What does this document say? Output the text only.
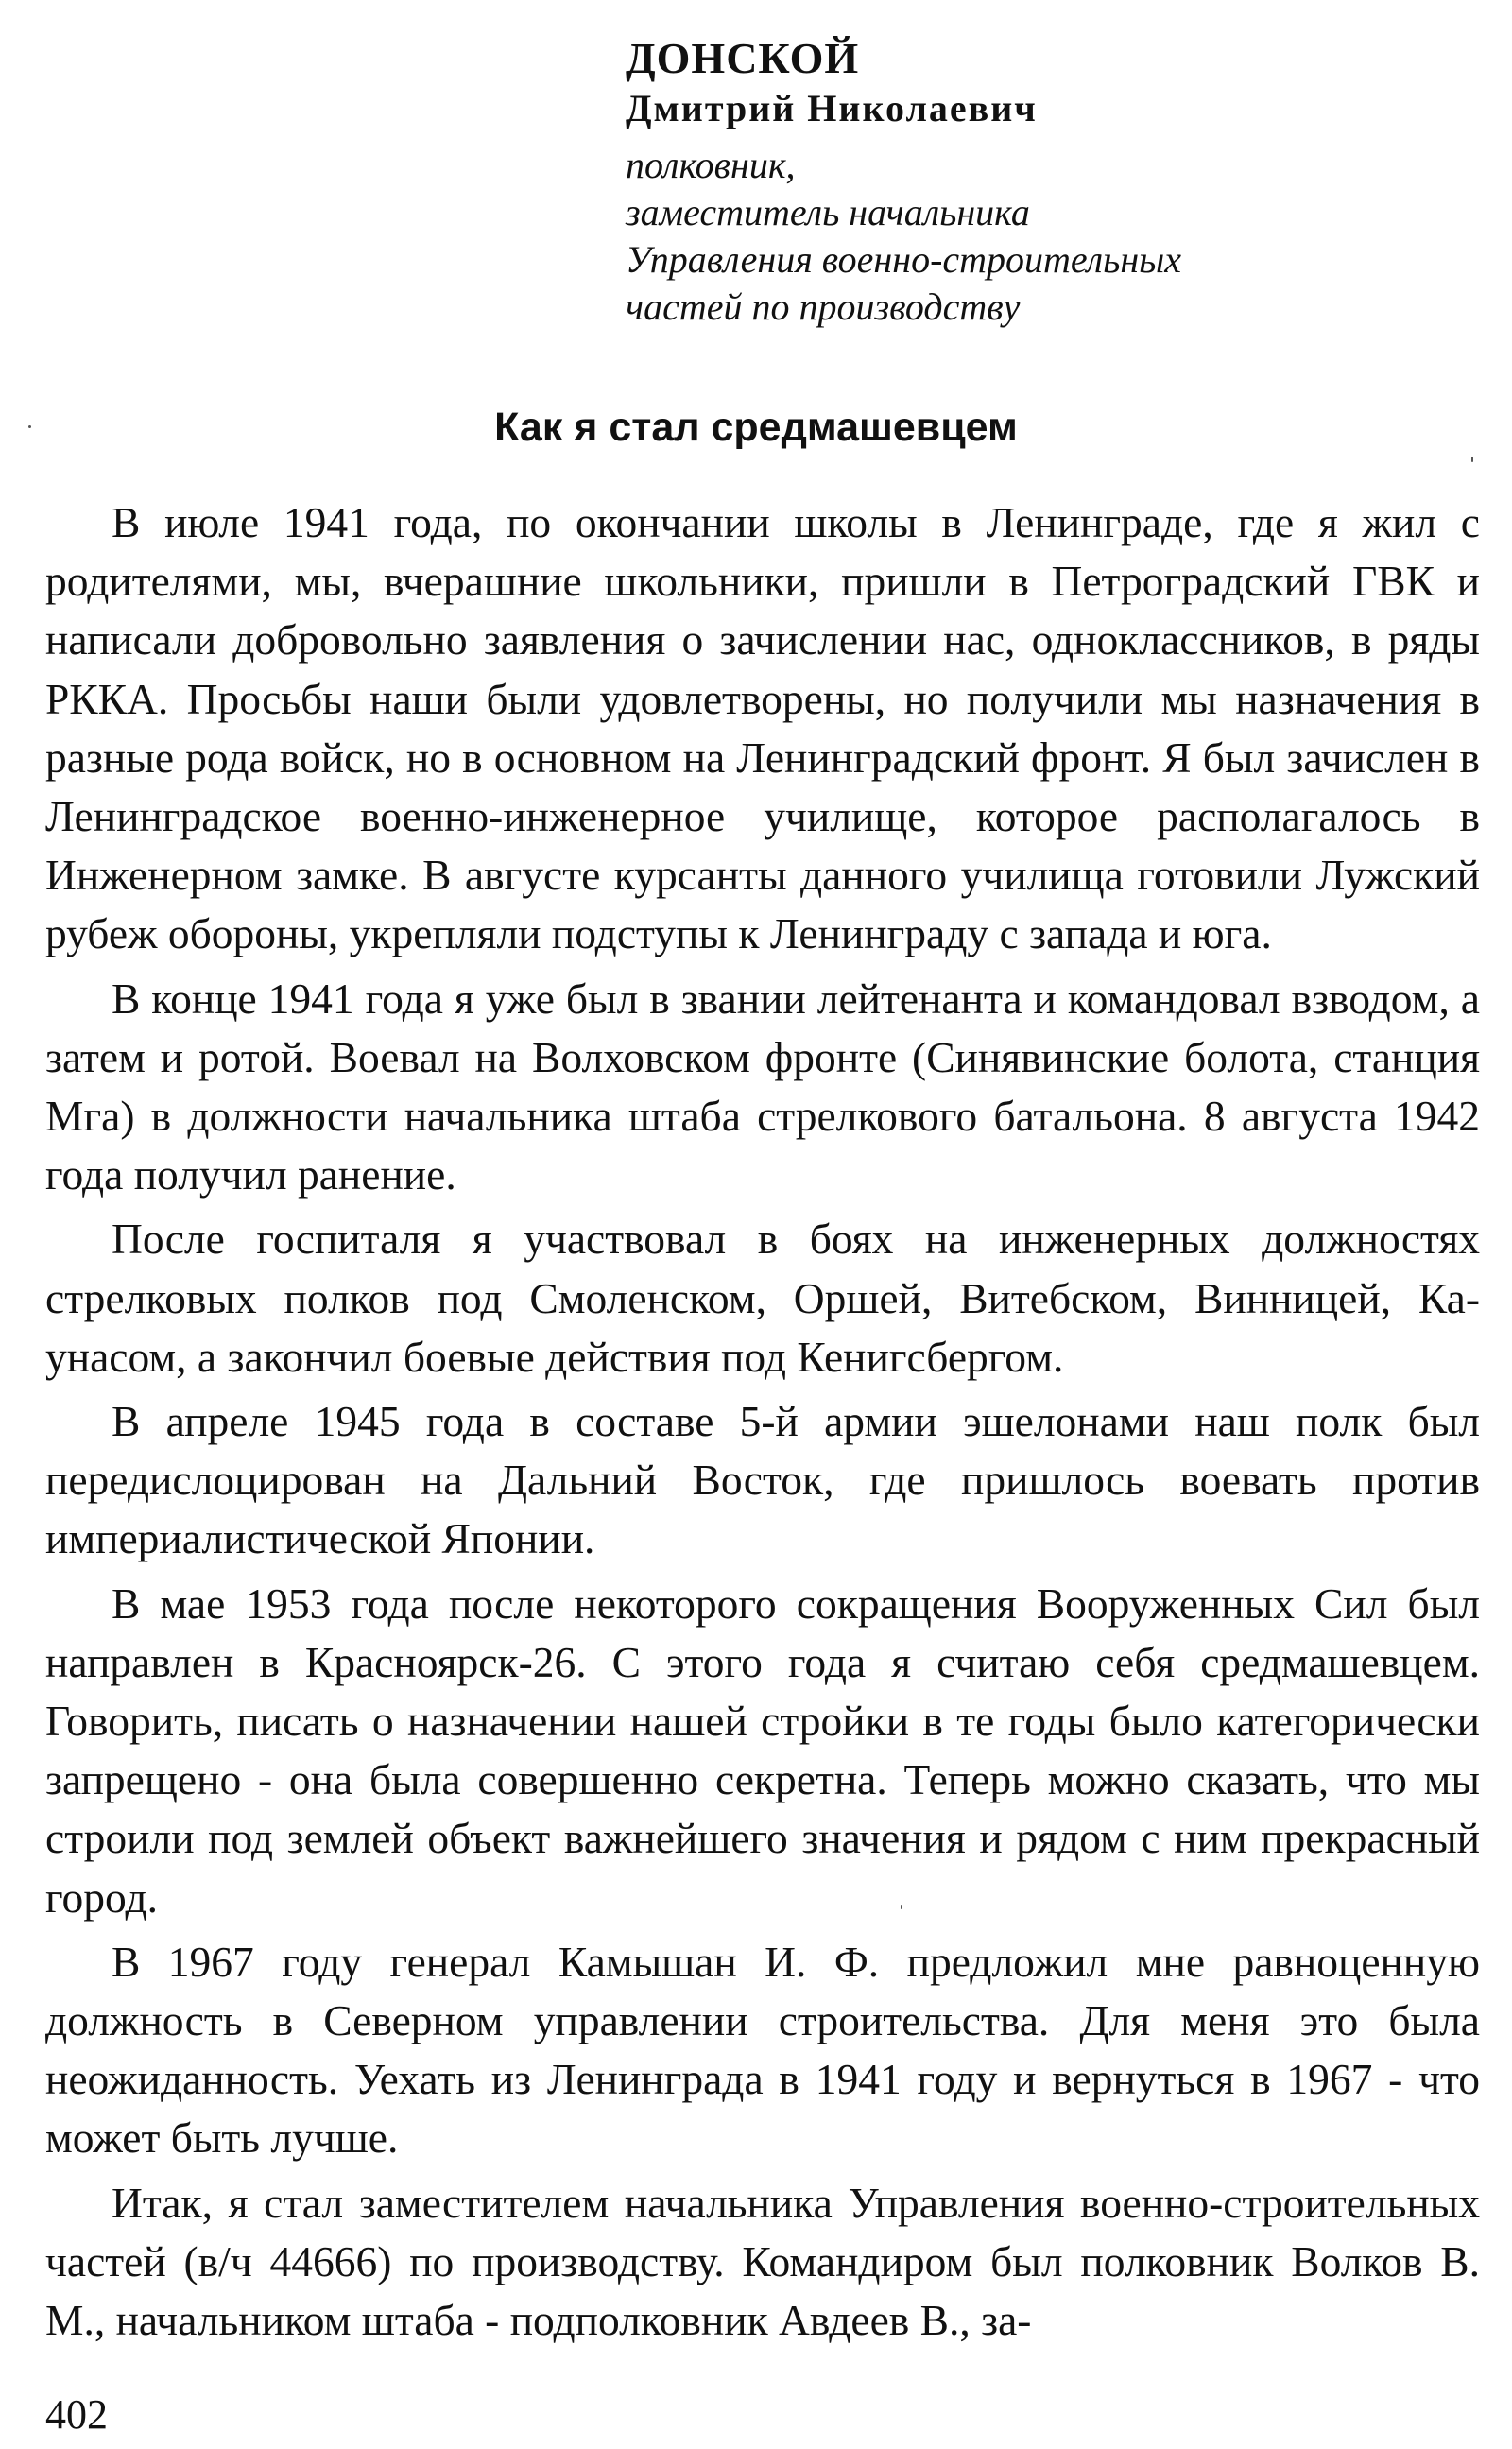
ДОНСКОЙ
Дмитрий Николаевич
полковник,
заместитель начальника
Управления военно-строительных
частей по производству
Как я стал средмашевцем

В июле 1941 года, по окончании школы в Ленинграде, где я жил с родителями, мы, вчерашние школьники, пришли в Петроградский ГВК и написали добровольно заявления о зачислении нас, одноклассников, в ряды РККА. Просьбы наши были удовлетворены, но получили мы назначения в разные рода войск, но в основном на Ленинградский фронт. Я был зачислен в Ленинградское военно-инженерное училище, которое располагалось в Инженерном замке. В августе курсанты данного училища готовили Лужский рубеж обороны, укрепляли подступы к Ленинграду с запада и юга.

В конце 1941 года я уже был в звании лейтенанта и командовал взводом, а затем и ротой. Воевал на Волховском фронте (Синявинские болота, станция Мга) в должности начальника штаба стрелкового батальона. 8 августа 1942 года получил ранение.

После госпиталя я участвовал в боях на инженерных должностях стрелковых полков под Смоленском, Оршей, Витебском, Винницей, Каунасом, а закончил боевые действия под Кенигсбергом.

В апреле 1945 года в составе 5-й армии эшелонами наш полк был передислоцирован на Дальний Восток, где пришлось воевать против империалистической Японии.

В мае 1953 года после некоторого сокращения Вооруженных Сил был направлен в Красноярск-26. С этого года я считаю себя средмашевцем. Говорить, писать о назначении нашей стройки в те годы было категорически запрещено - она была совершенно секретна. Теперь можно сказать, что мы строили под землей объект важнейшего значения и рядом с ним прекрасный город.

В 1967 году генерал Камышан И. Ф. предложил мне равноценную должность в Северном управлении строительства. Для меня это была неожиданность. Уехать из Ленинграда в 1941 году и вернуться в 1967 - что может быть лучше.

Итак, я стал заместителем начальника Управления военно-строительных частей (в/ч 44666) по производству. Командиром был полковник Волков В. М., начальником штаба - подполковник Авдеев В., за-

402
